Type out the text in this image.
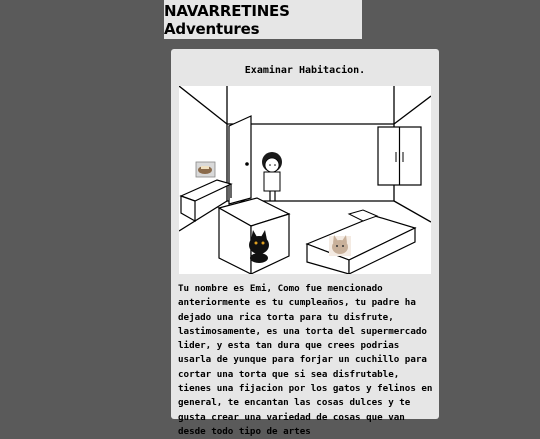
NAVARRETINES Adventures
Examinar Habitacion.
Tu nombre es Emi, Como fue mencionado anteriormente es tu cumpleaños, tu padre ha dejado una rica torta para tu disfrute, lastimosamente, es una torta del supermercado lider, y esta tan dura que crees podrias usarla de yunque para forjar un cuchillo para cortar una torta que si sea disfrutable, tienes una fijacion por los gatos y felinos en general, te encantan las cosas dulces y te gusta crear una variedad de cosas que van desde todo tipo de artes
